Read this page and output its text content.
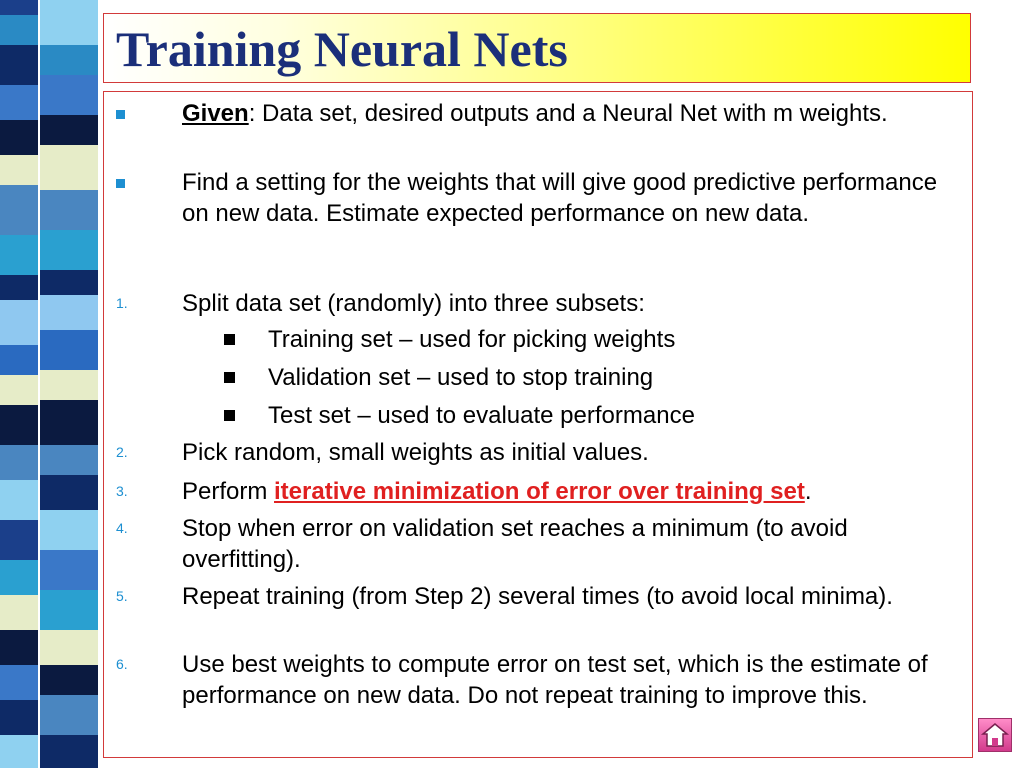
Training Neural Nets
Given: Data set, desired outputs and a Neural Net with m weights.
Find a setting for the weights that will give good predictive performance on new data. Estimate expected performance on new data.
1. Split data set (randomly) into three subsets:
Training set – used for picking weights
Validation set – used to stop training
Test set – used to evaluate performance
2. Pick random, small weights as initial values.
3. Perform iterative minimization of error over training set.
4. Stop when error on validation set reaches a minimum (to avoid overfitting).
5. Repeat training (from Step 2) several times (to avoid local minima).
6. Use best weights to compute error on test set, which is the estimate of performance on new data. Do not repeat training to improve this.
